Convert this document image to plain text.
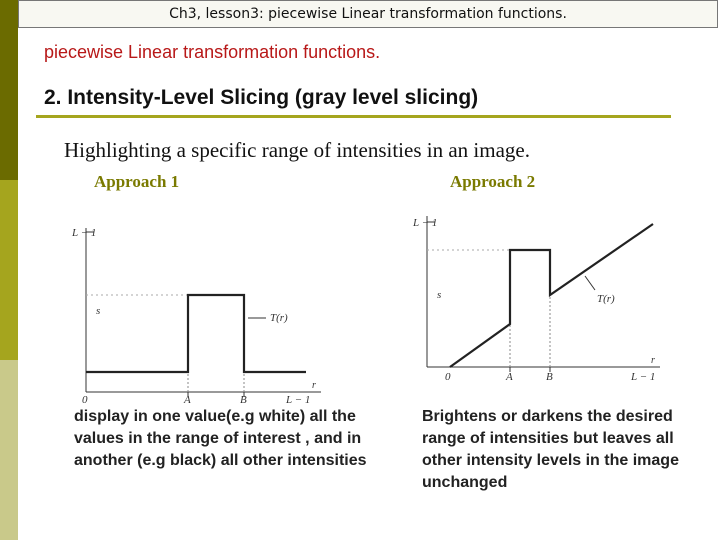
Ch3, lesson3: piecewise Linear transformation functions.
piecewise Linear transformation functions.
2. Intensity-Level Slicing (gray level slicing)
Highlighting a specific range of intensities in an image.
Approach 1	Approach 2
L − 1
s
T(r)
0	A	B	L − 1
r
L − 1
s	T(r)
0	A	B	L − 1
r
display in one value(e.g white) all the values in the range of interest , and in another (e.g black) all other intensities
Brightens or darkens the desired range of intensities but leaves all other intensity levels in the image unchanged
